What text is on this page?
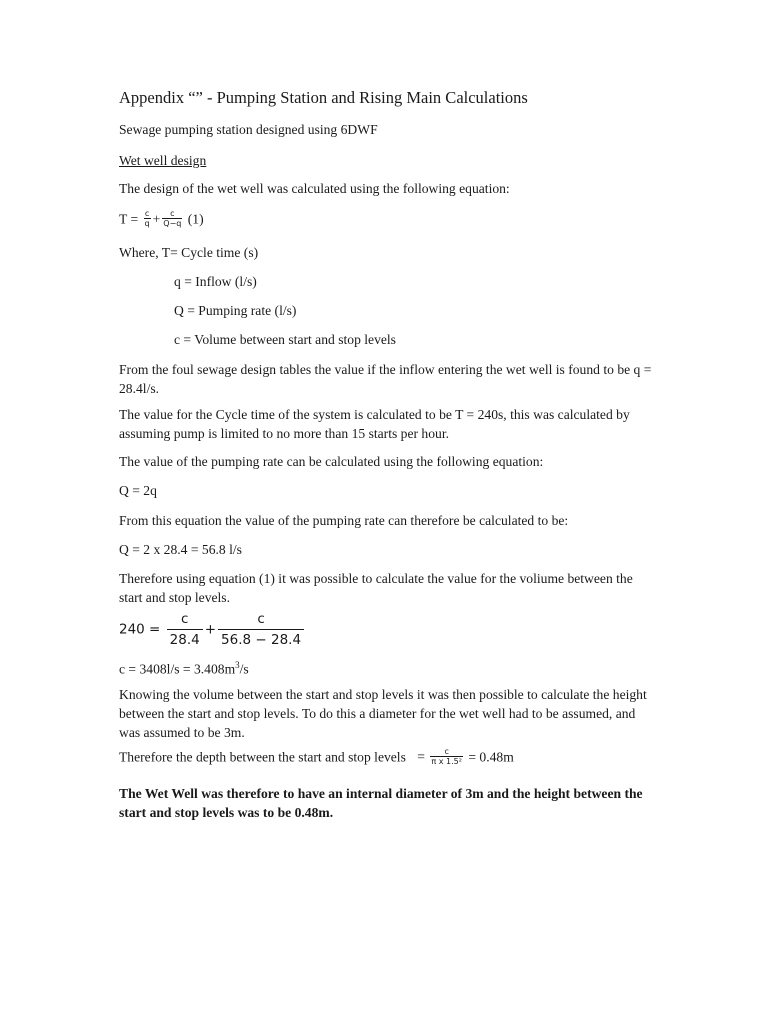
Appendix “” - Pumping Station and Rising Main Calculations
Sewage pumping station designed using 6DWF
Wet well design
The design of the wet well was calculated using the following equation:
$T = \frac{c}{q} + \frac{c}{Q-q} (1)$
Where, T= Cycle time (s)
q = Inflow (l/s)
Q = Pumping rate (l/s)
c = Volume between start and stop levels
From the foul sewage design tables the value if the inflow entering the wet well is found to be q = 28.4l/s.
The value for the Cycle time of the system is calculated to be T = 240s, this was calculated by assuming pump is limited to no more than 15 starts per hour.
The value of the pumping rate can be calculated using the following equation:
Q = 2q
From this equation the value of the pumping rate can therefore be calculated to be:
Q = 2 x 28.4 = 56.8 l/s
Therefore using equation (1) it was possible to calculate the value for the voliume between the start and stop levels.
$240 = \frac{c}{28.4} + \frac{c}{56.8 - 28.4}$
$c = 3408l/s = 3.408m^3/s$
Knowing the volume between the start and stop levels it was then possible to calculate the height between the start and stop levels. To do this a diameter for the wet well had to be assumed, and was assumed to be 3m.
Therefore the depth between the start and stop levels = $\frac{c}{\text{π x 1.5²}} = 0.48m$
The Wet Well was therefore to have an internal diameter of 3m and the height between the start and stop levels was to be 0.48m.
